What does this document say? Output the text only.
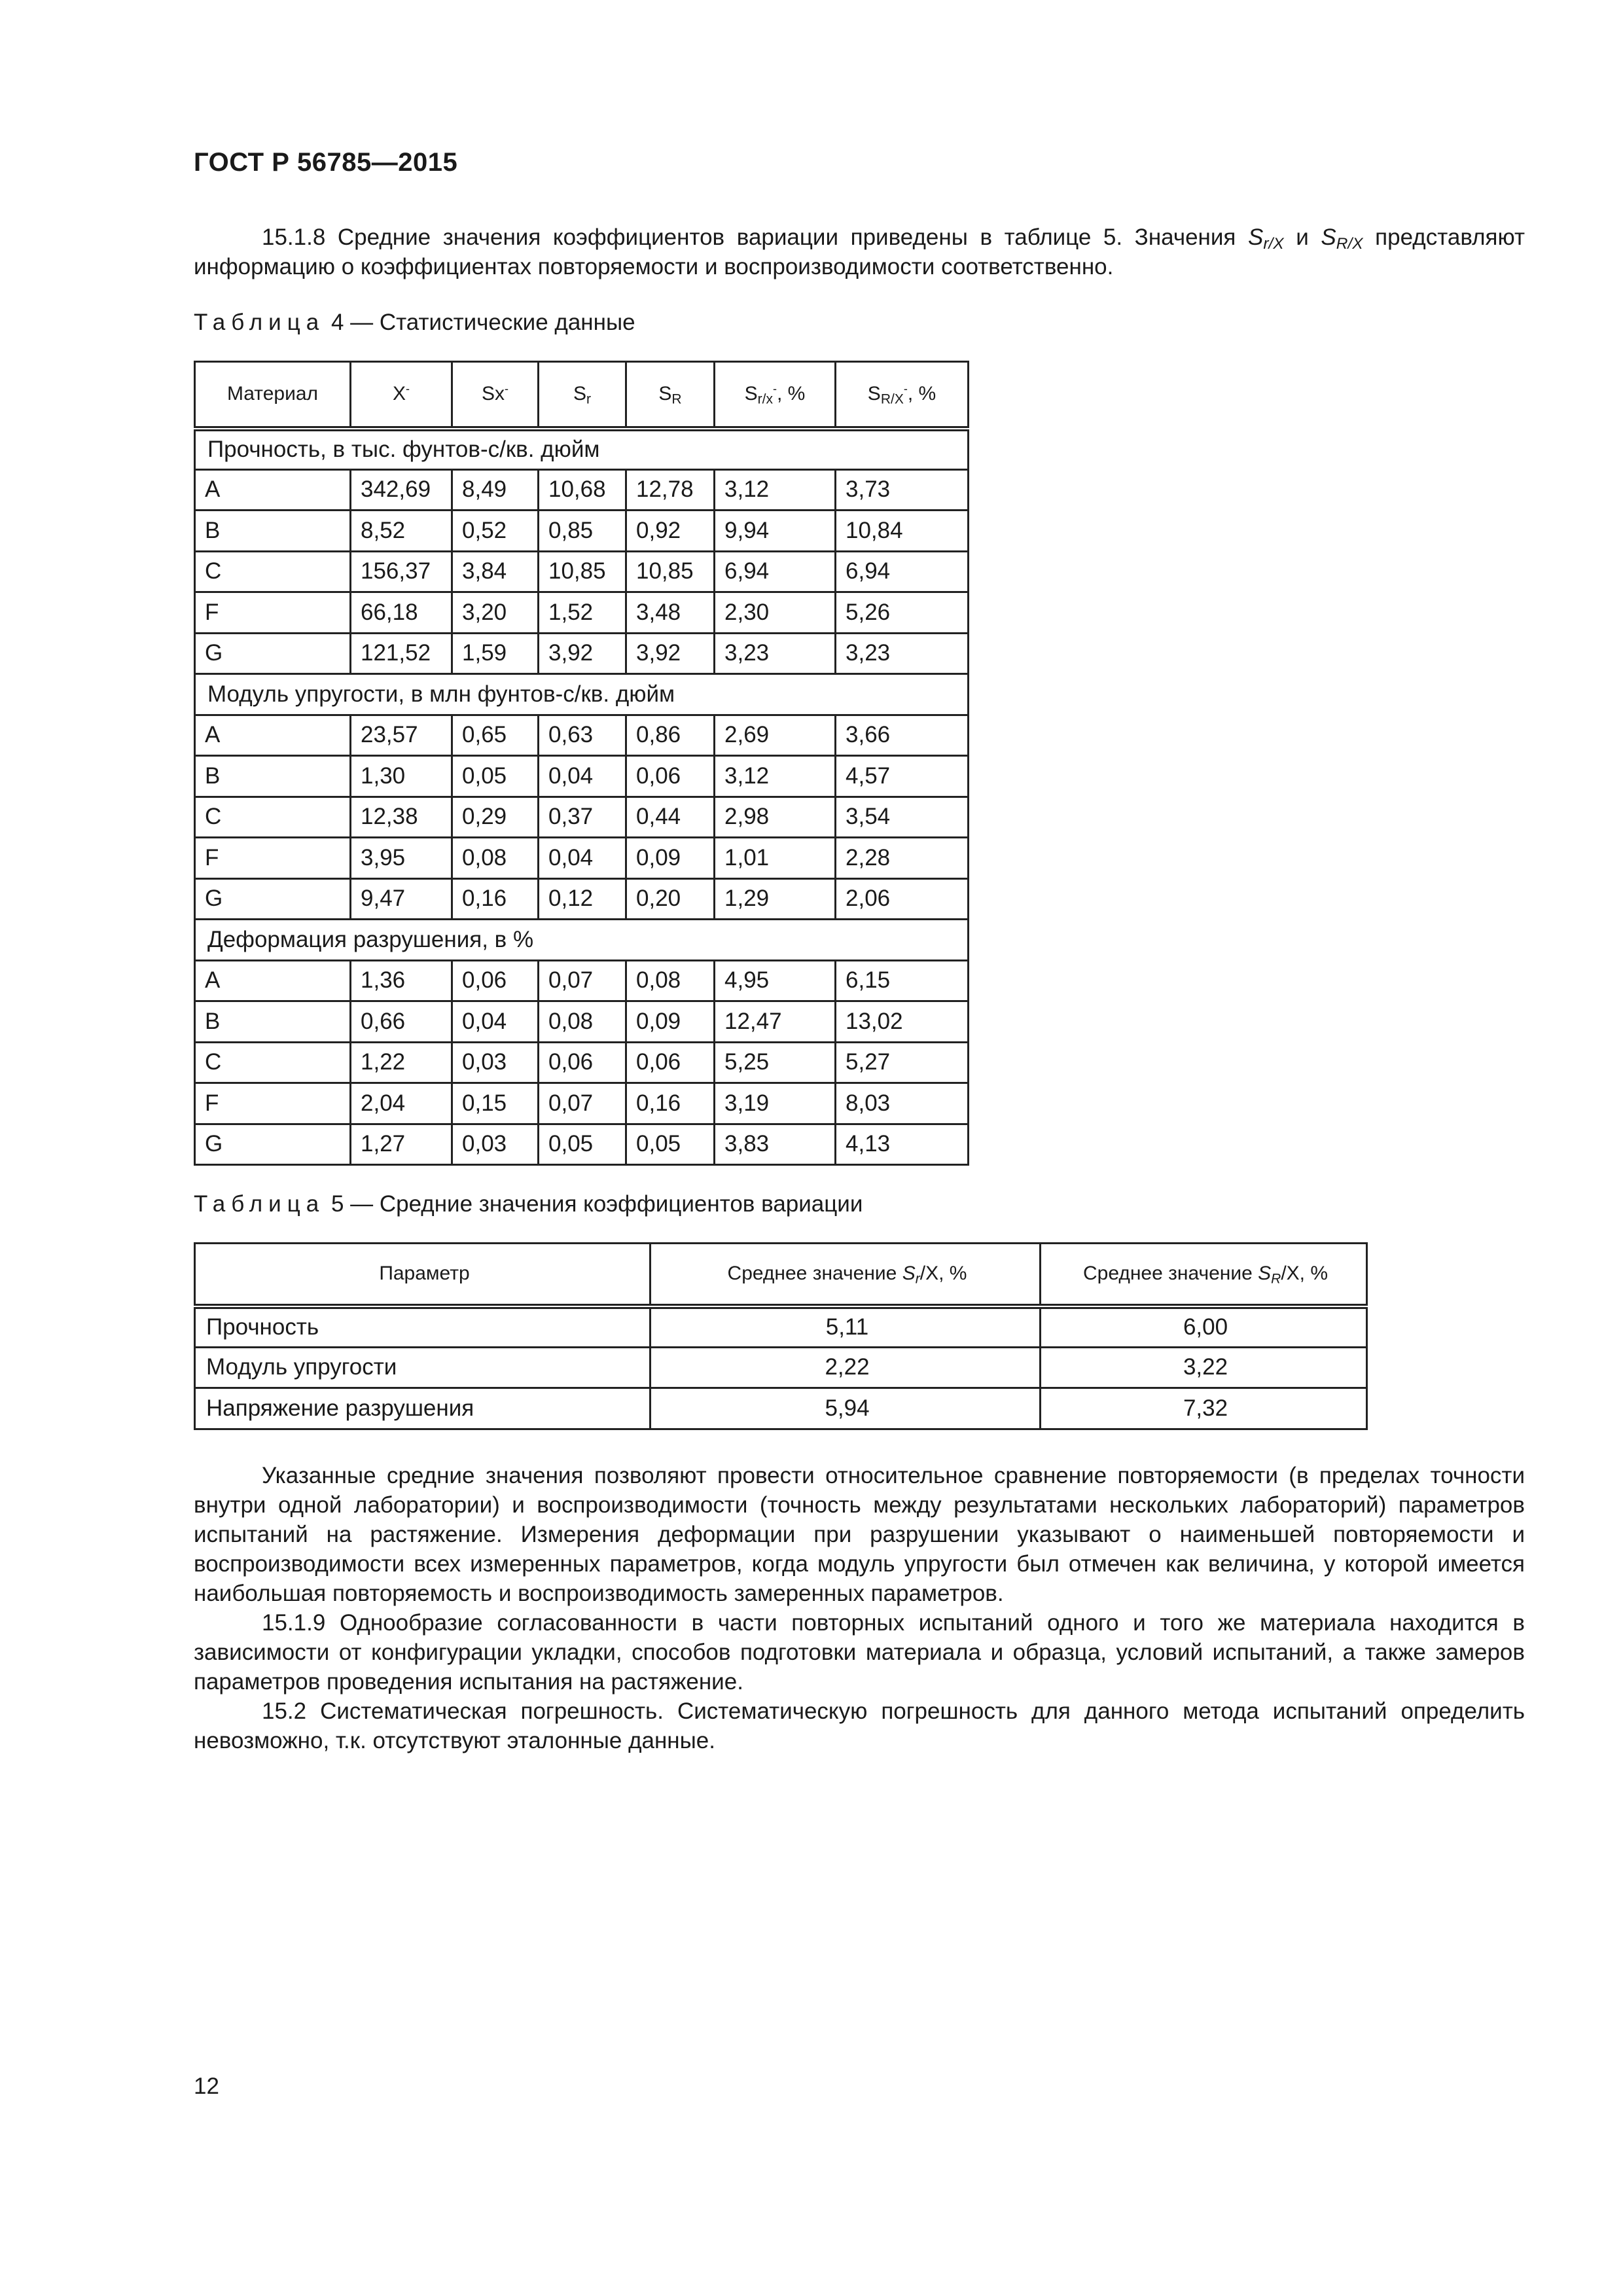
ГОСТ Р 56785—2015
15.1.8 Средние значения коэффициентов вариации приведены в таблице 5. Значения $S_{r/X}$ и $S_{R/X}$ представляют информацию о коэффициентах повторяемости и воспроизводимости соответственно.
Таблица 4 — Статистические данные
Материал	X-	Sx-	$S_r$	$S_R$	$S_{r/x}^-$, %	$S_{R/X}^-$, %
Прочность, в тыс. фунтов-с/кв. дюйм						
A	342,69	8,49	10,68	12,78	3,12	3,73
B	8,52	0,52	0,85	0,92	9,94	10,84
C	156,37	3,84	10,85	10,85	6,94	6,94
F	66,18	3,20	1,52	3,48	2,30	5,26
G	121,52	1,59	3,92	3,92	3,23	3,23
Модуль упругости, в млн фунтов-с/кв. дюйм						
A	23,57	0,65	0,63	0,86	2,69	3,66
B	1,30	0,05	0,04	0,06	3,12	4,57
C	12,38	0,29	0,37	0,44	2,98	3,54
F	3,95	0,08	0,04	0,09	1,01	2,28
G	9,47	0,16	0,12	0,20	1,29	2,06
Деформация разрушения, в %						
A	1,36	0,06	0,07	0,08	4,95	6,15
B	0,66	0,04	0,08	0,09	12,47	13,02
C	1,22	0,03	0,06	0,06	5,25	5,27
F	2,04	0,15	0,07	0,16	3,19	8,03
G	1,27	0,03	0,05	0,05	3,83	4,13
Таблица 5 — Средние значения коэффициентов вариации
Параметр	Среднее значение $S_r/X$, %	Среднее значение $S_R/X$, %
Прочность	5,11	6,00
Модуль упругости	2,22	3,22
Напряжение разрушения	5,94	7,32
Указанные средние значения позволяют провести относительное сравнение повторяемости (в пределах точности внутри одной лаборатории) и воспроизводимости (точность между результатами нескольких лабораторий) параметров испытаний на растяжение. Измерения деформации при разрушении указывают о наименьшей повторяемости и воспроизводимости всех измеренных параметров, когда модуль упругости был отмечен как величина, у которой имеется наибольшая повторяемость и воспроизводимость замеренных параметров.
15.1.9 Однообразие согласованности в части повторных испытаний одного и того же материала находится в зависимости от конфигурации укладки, способов подготовки материала и образца, условий испытаний, а также замеров параметров проведения испытания на растяжение.
15.2 Систематическая погрешность. Систематическую погрешность для данного метода испытаний определить невозможно, т.к. отсутствуют эталонные данные.
12
